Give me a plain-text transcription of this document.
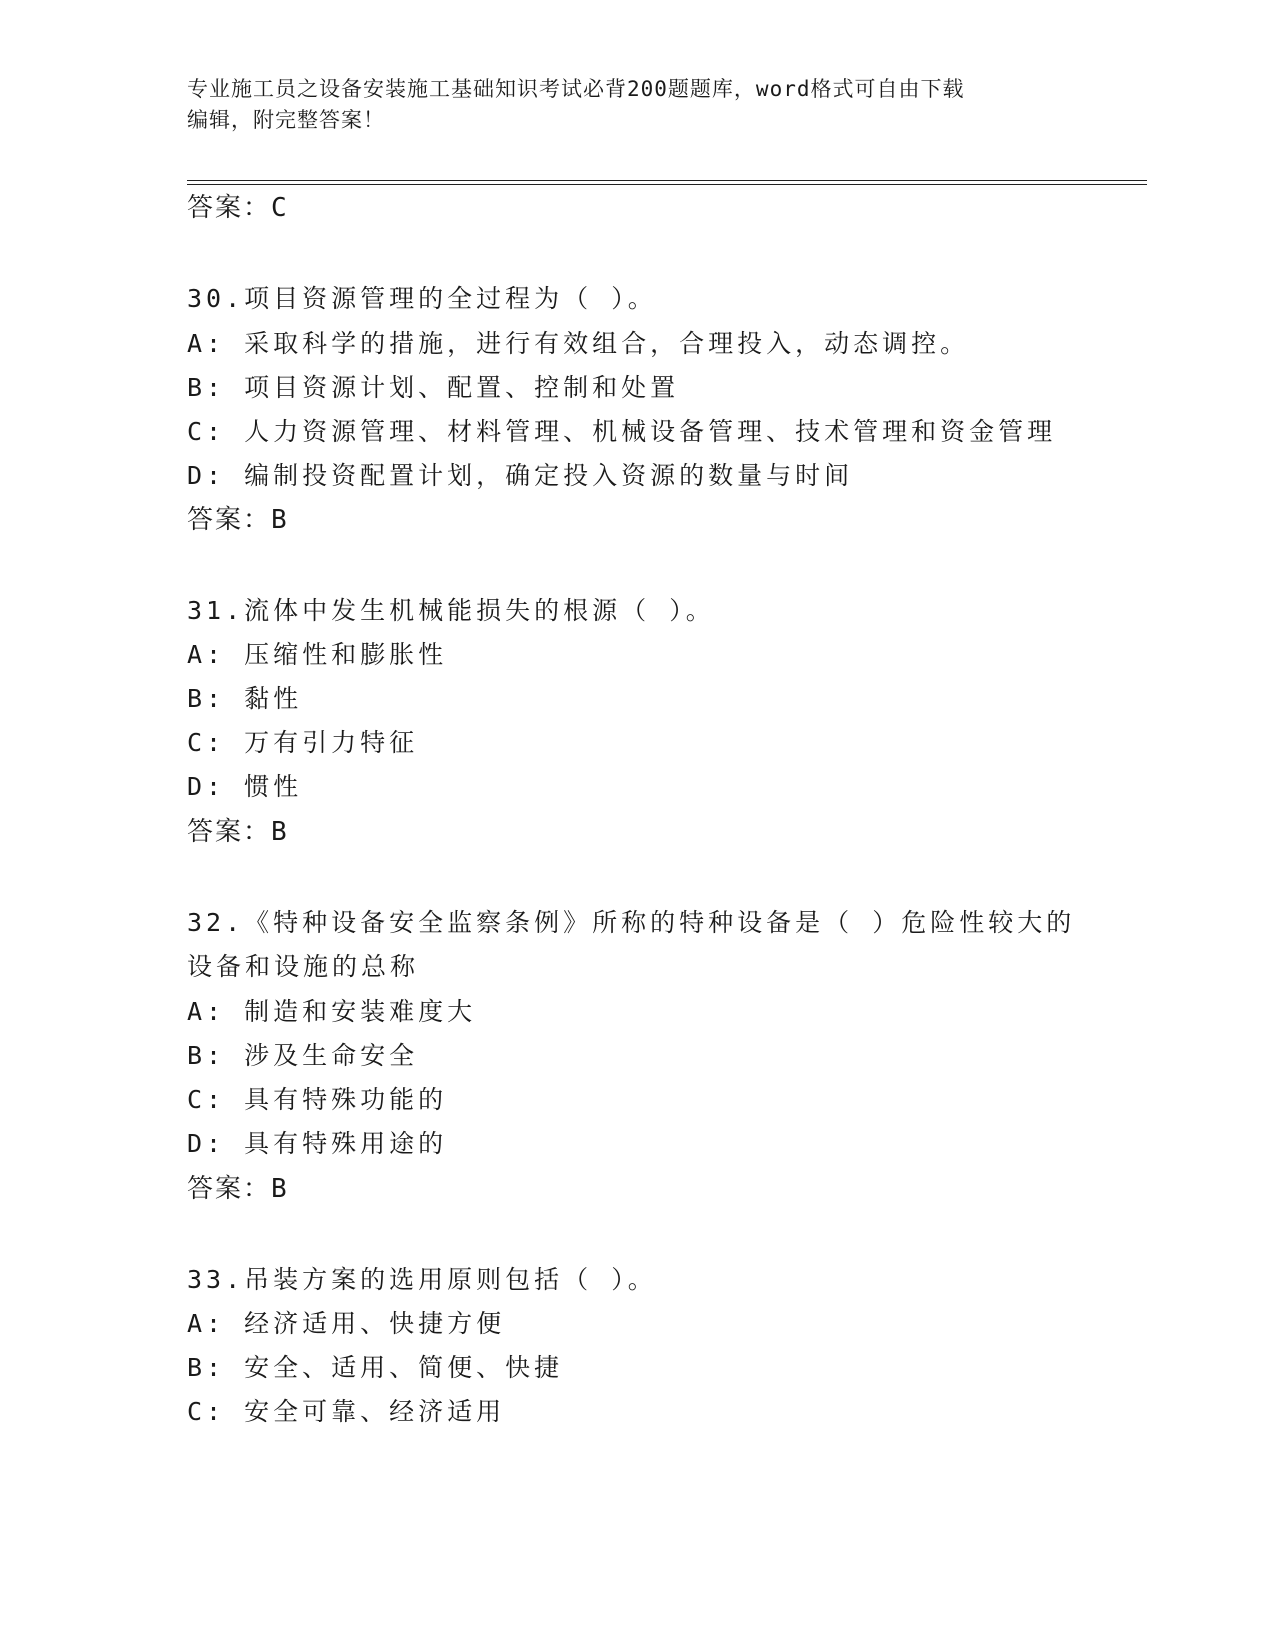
专业施工员之设备安装施工基础知识考试必背200题题库，word格式可自由下载
编辑，附完整答案！
答案：C
30.项目资源管理的全过程为（ ）。
A: 采取科学的措施，进行有效组合，合理投入，动态调控。
B: 项目资源计划、配置、控制和处置
C: 人力资源管理、材料管理、机械设备管理、技术管理和资金管理
D: 编制投资配置计划，确定投入资源的数量与时间
答案：B
31.流体中发生机械能损失的根源（ ）。
A: 压缩性和膨胀性
B: 黏性
C: 万有引力特征
D: 惯性
答案：B
32.《特种设备安全监察条例》所称的特种设备是（ ）危险性较大的
设备和设施的总称
A: 制造和安装难度大
B: 涉及生命安全
C: 具有特殊功能的
D: 具有特殊用途的
答案：B
33.吊装方案的选用原则包括（ ）。
A: 经济适用、快捷方便
B: 安全、适用、简便、快捷
C: 安全可靠、经济适用
